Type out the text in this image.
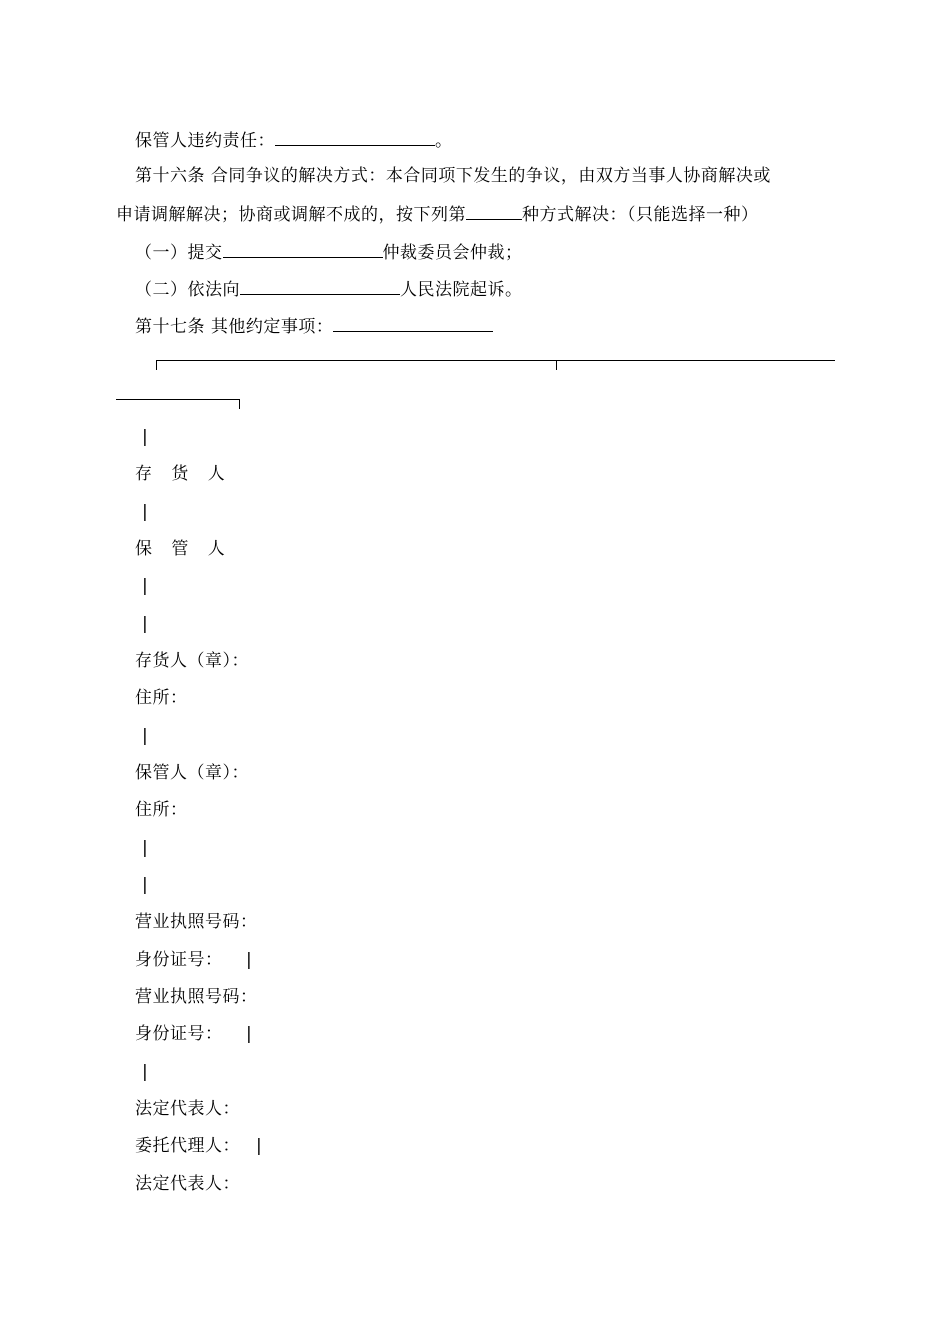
保管人违约责任：	。
第十六条 合同争议的解决方式：本合同项下发生的争议，由双方当事人协商解决或
申请调解解决；协商或调解不成的，按下列第	种方式解决：（只能选择一种）
（一）提交	仲裁委员会仲裁；
（二）依法向	人民法院起诉。
第十七条 其他约定事项：
|
存 货 人
|
保 管 人
|
|
存货人（章）：
住所：
|
保管人（章）：
住所：
|
|
营业执照号码：
身份证号： |
营业执照号码：
身份证号： |
|
法定代表人：
委托代理人： |
法定代表人：
